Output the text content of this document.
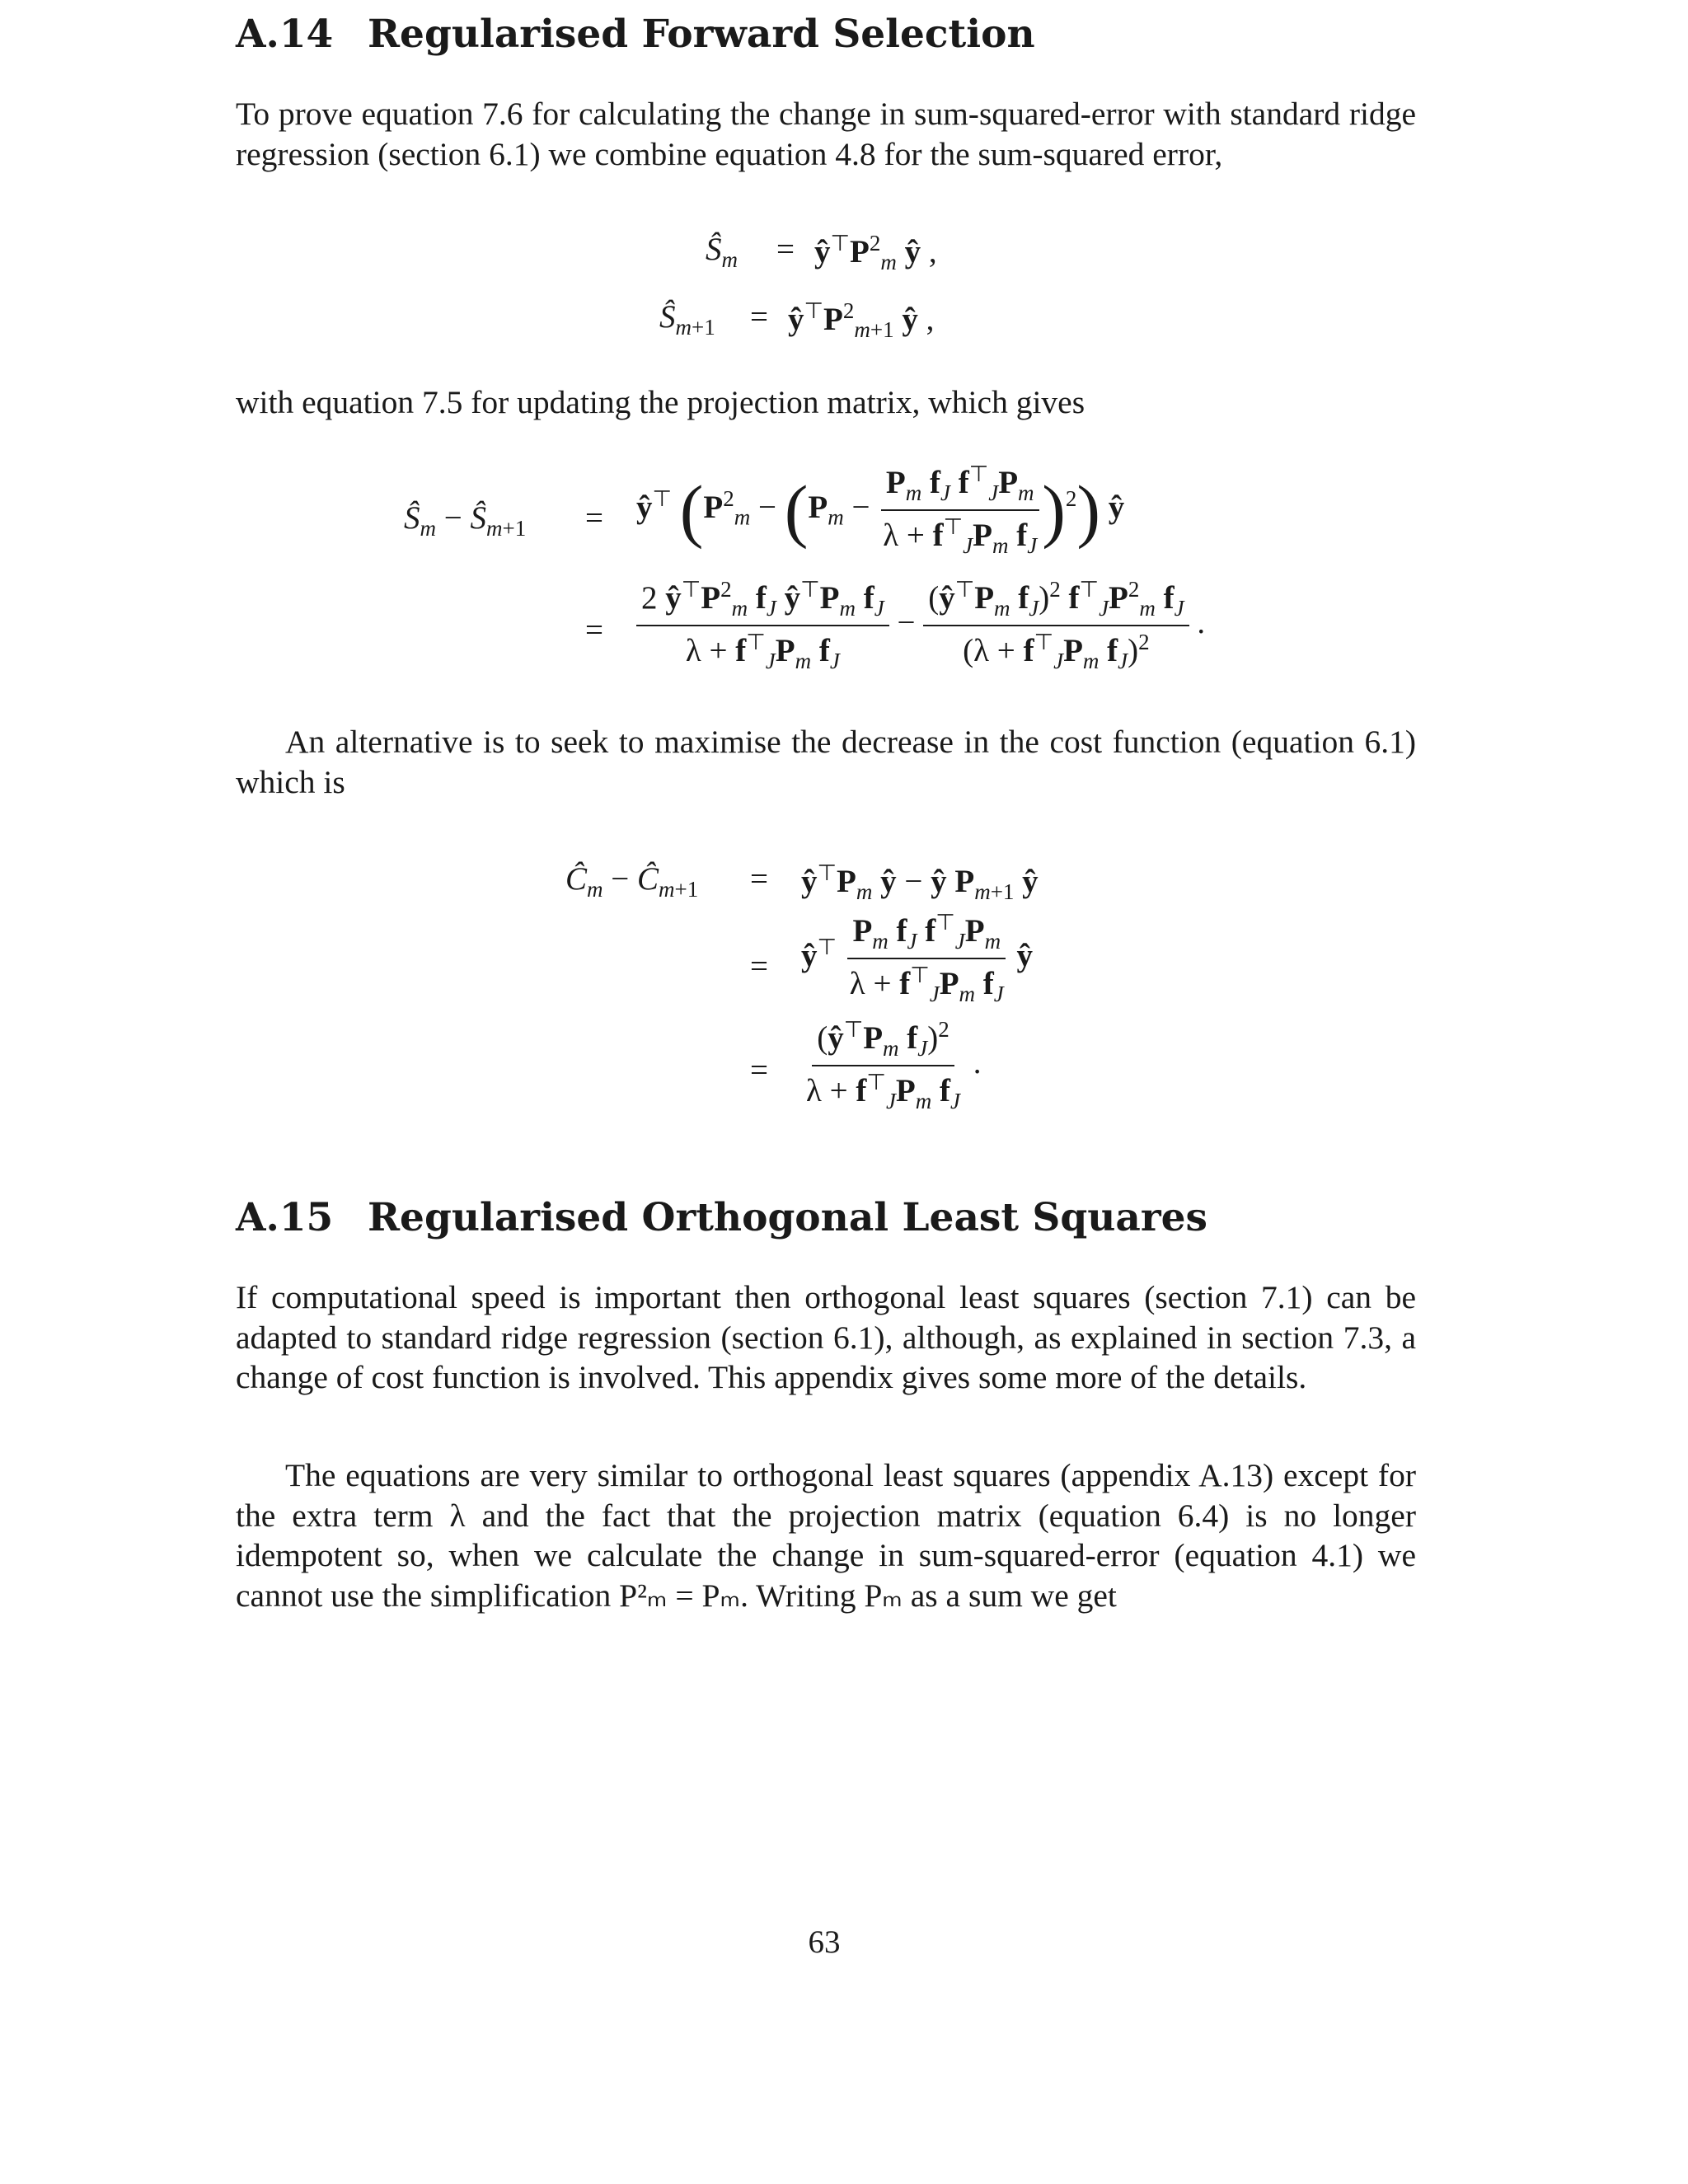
A.14 Regularised Forward Selection

To prove equation 7.6 for calculating the change in sum-squared-error with standard ridge regression (section 6.1) we combine equation 4.8 for the sum-squared error,

$Ŝ_m$ = $ŷ^⊤P^2_m$ ŷ ,
$Ŝ_{m+1}$ = $ŷ^⊤P^2_{m+1}$ ŷ ,

with equation 7.5 for updating the projection matrix, which gives

$Ŝ_m$ − $Ŝ_{m+1}$ = ŷ⊤ $(P^2_m - (P_m - \frac{P_m f_J f^⊤_JP_m}{\lambda + f^⊤_JP_m f_J} )^2)$ ŷ
= $\frac{2 ŷ^⊤P^2_m f_J ŷ^⊤P_m f_J}{\lambda + f^⊤_JP_m f_J} - \frac{(ŷ^⊤P_m f_J)^2 f^⊤_JP^2_m f_J}{(\lambda + f^⊤_JP_m f_J)^2}$ .

An alternative is to seek to maximise the decrease in the cost function (equation 6.1) which is

$Ĉ_m$ − $Ĉ_{m+1}$ = $ŷ^⊤P_m$ ŷ − ŷ $P_{m+1}$ ŷ
= ŷ⊤ $\frac{P_m f_J f^⊤_JP_m}{\lambda + f^⊤_JP_m f_J}$ ŷ
= $\frac{(ŷ^⊤P_m f_J)^2}{\lambda + f^⊤_JP_m f_J}$ .
A.15 Regularised Orthogonal Least Squares

If computational speed is important then orthogonal least squares (section 7.1) can be adapted to standard ridge regression (section 6.1), although, as explained in section 7.3, a change of cost function is involved. This appendix gives some more of the details.

The equations are very similar to orthogonal least squares (appendix A.13) except for the extra term λ and the fact that the projection matrix (equation 6.4) is no longer idempotent so, when we calculate the change in sum-squared-error (equation 4.1) we cannot use the simplification P²ₘ = Pₘ. Writing Pₘ as a sum we get

63
